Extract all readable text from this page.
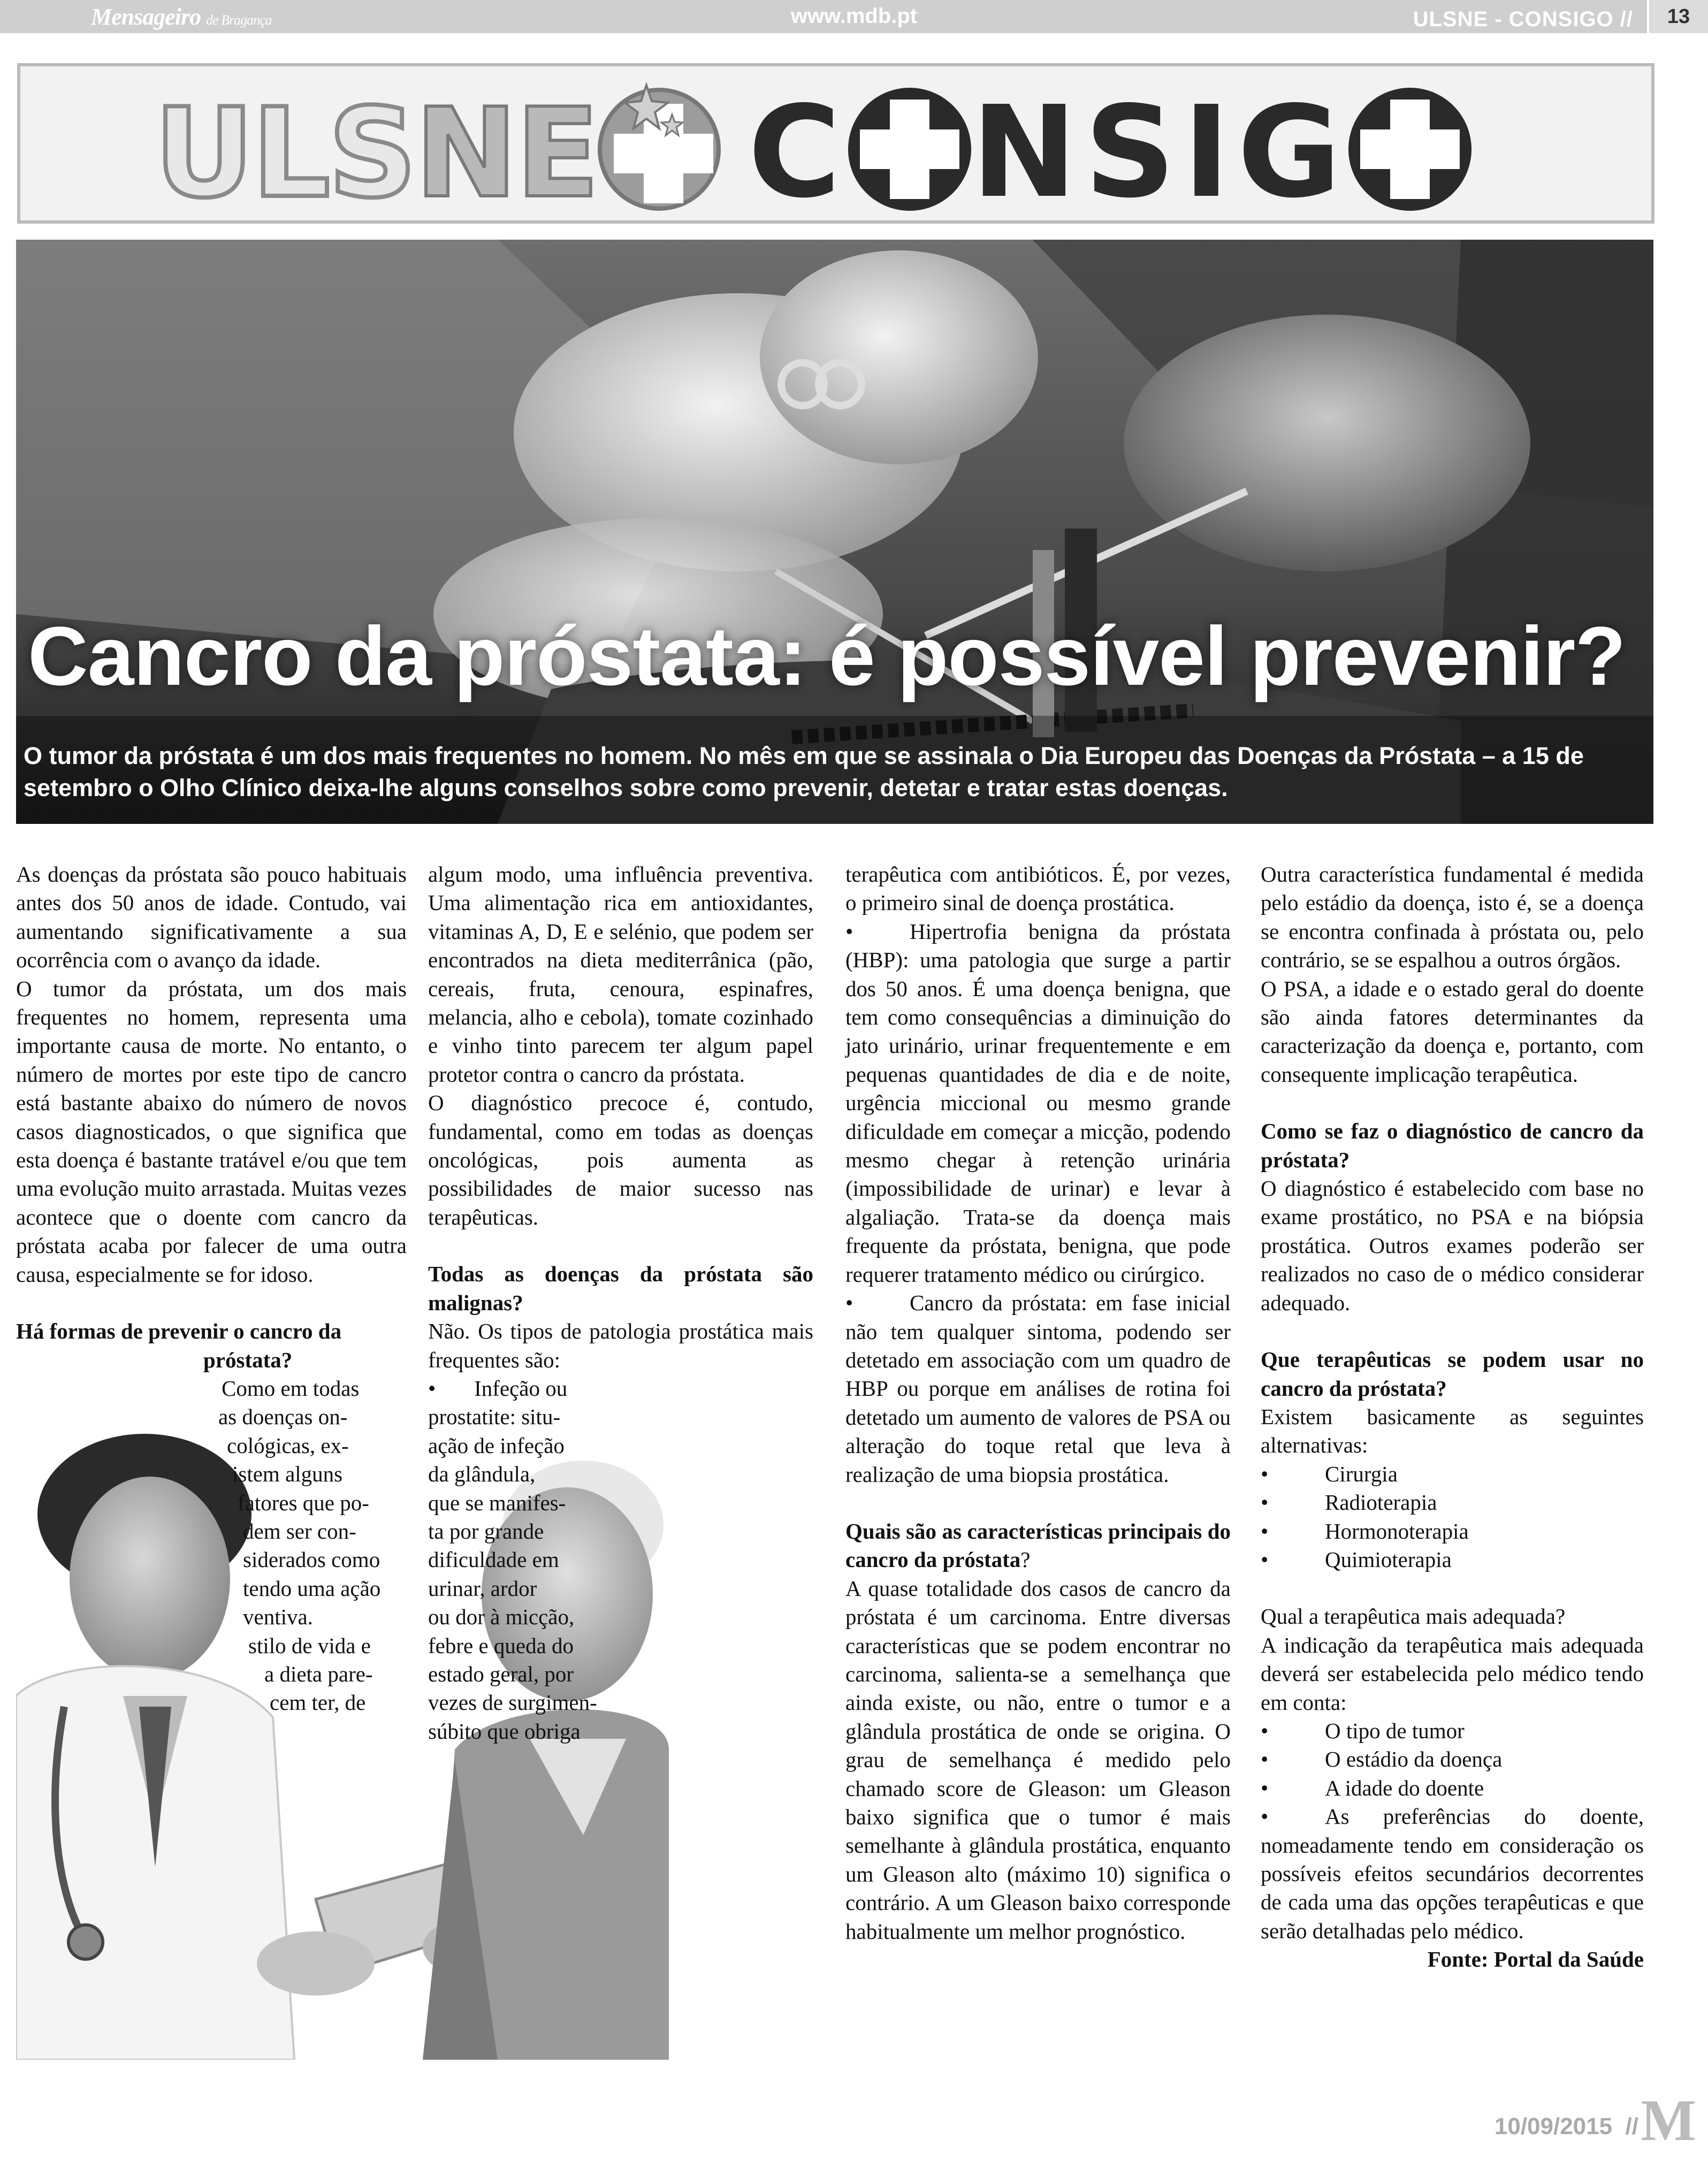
Mensageiro de Bragança	www.mdb.pt	ULSNE - CONSIGO //	13
ULSNE	C NSIG
Cancro da próstata: é possível prevenir?
O tumor da próstata é um dos mais frequentes no homem. No mês em que se assinala o Dia Europeu das Doenças da Próstata – a 15 de setembro o Olho Clínico deixa-lhe alguns conselhos sobre como prevenir, detetar e tratar estas doenças.

As doenças da próstata são pouco habituais antes dos 50 anos de idade. Contudo, vai aumentando significativamente a sua ocorrência com o avanço da idade.

O tumor da próstata, um dos mais frequentes no homem, representa uma importante causa de morte. No entanto, o número de mortes por este tipo de cancro está bastante abaixo do número de novos casos diagnosticados, o que significa que esta doença é bastante tratável e/ou que tem uma evolução muito arrastada. Muitas vezes acontece que o doente com cancro da próstata acaba por falecer de uma outra causa, especialmente se for idoso.

Há formas de prevenir o cancro da
próstata?
Como em todas
as doenças on-
cológicas, ex-
istem alguns
fatores que po-
dem ser con-
siderados como
tendo uma ação
ventiva.
stilo de vida e
a dieta pare-
cem ter, de

algum modo, uma influência preventiva. Uma alimentação rica em antioxidantes, vitaminas A, D, E e selénio, que podem ser encontrados na dieta mediterrânica (pão, cereais, fruta, cenoura, espinafres, melancia, alho e cebola), tomate cozinhado e vinho tinto parecem ter algum papel protetor contra o cancro da próstata.

O diagnóstico precoce é, contudo, fundamental, como em todas as doenças oncológicas, pois aumenta as possibilidades de maior sucesso nas terapêuticas.

Todas as doenças da próstata são malignas?

Não. Os tipos de patologia prostática mais frequentes são:

•       Infeção ou
prostatite: situ-
ação de infeção
da glândula,
que se manifes-
ta por grande
dificuldade em
urinar, ardor
ou dor à micção,
febre e queda do
estado geral, por
vezes de surgimen-
súbito que obriga

terapêutica com antibióticos. É, por vezes, o primeiro sinal de doença prostática.

•	Hipertrofia benigna da próstata (HBP): uma patologia que surge a partir dos 50 anos. É uma doença benigna, que tem como consequências a diminuição do jato urinário, urinar frequentemente e em pequenas quantidades de dia e de noite, urgência miccional ou mesmo grande dificuldade em começar a micção, podendo mesmo chegar à retenção urinária (impossibilidade de urinar) e levar à algaliação. Trata-se da doença mais frequente da próstata, benigna, que pode requerer tratamento médico ou cirúrgico.

•	Cancro da próstata: em fase inicial não tem qualquer sintoma, podendo ser detetado em associação com um quadro de HBP ou porque em análises de rotina foi detetado um aumento de valores de PSA ou alteração do toque retal que leva à realização de uma biopsia prostática.

Quais são as características principais do cancro da próstata?

A quase totalidade dos casos de cancro da próstata é um carcinoma. Entre diversas características que se podem encontrar no carcinoma, salienta-se a semelhança que ainda existe, ou não, entre o tumor e a glândula prostática de onde se origina. O grau de semelhança é medido pelo chamado score de Gleason: um Gleason baixo significa que o tumor é mais semelhante à glândula prostática, enquanto um Gleason alto (máximo 10) significa o contrário. A um Gleason baixo corresponde habitualmente um melhor prognóstico.

Outra característica fundamental é medida pelo estádio da doença, isto é, se a doença se encontra confinada à próstata ou, pelo contrário, se se espalhou a outros órgãos.

O PSA, a idade e o estado geral do doente são ainda fatores determinantes da caracterização da doença e, portanto, com consequente implicação terapêutica.

Como se faz o diagnóstico de cancro da próstata?

O diagnóstico é estabelecido com base no exame prostático, no PSA e na biópsia prostática. Outros exames poderão ser realizados no caso de o médico considerar adequado.

Que terapêuticas se podem usar no cancro da próstata?

Existem basicamente as seguintes alternativas:

• Cirurgia
• Radioterapia
• Hormonoterapia
• Quimioterapia

Qual a terapêutica mais adequada?

A indicação da terapêutica mais adequada deverá ser estabelecida pelo médico tendo em conta:

• O tipo de tumor
• O estádio da doença
• A idade do doente

•	As preferências do doente, nomeadamente tendo em consideração os possíveis efeitos secundários decorrentes de cada uma das opções terapêuticas e que serão detalhadas pelo médico.

Fonte: Portal da Saúde

10/09/2015  // M
